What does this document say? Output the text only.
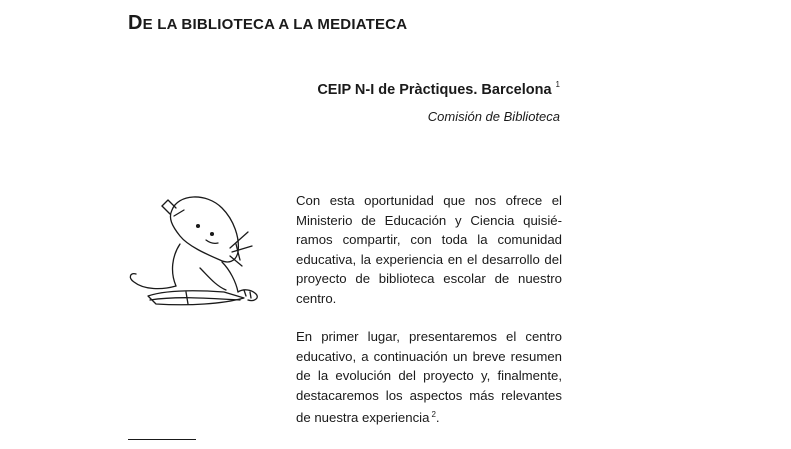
DE LA BIBLIOTECA A LA MEDIATECA
CEIP N-I de Pràctiques. Barcelona $^1$
Comisión de Biblioteca
Con esta oportunidad que nos ofrece el Ministerio de Educación y Ciencia quisiéramos compartir, con toda la comunidad educativa, la experiencia en el desarrollo del proyecto de biblioteca escolar de nuestro centro.
En primer lugar, presentaremos el centro educativo, a continuación un breve resumen de la evolución del proyecto y, finalmente, destacaremos los aspectos más relevantes de nuestra experiencia $^2$.
